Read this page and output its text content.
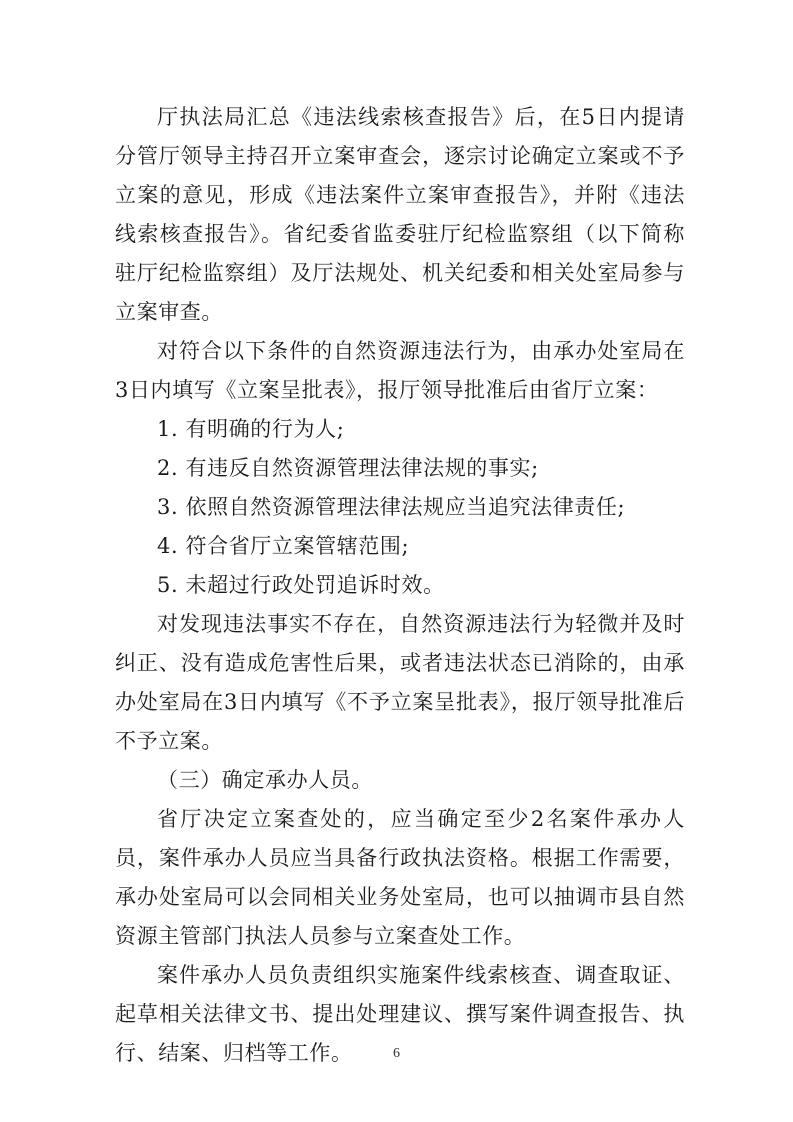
厅执法局汇总《违法线索核查报告》后，在5日内提请分管厅领导主持召开立案审查会，逐宗讨论确定立案或不予立案的意见，形成《违法案件立案审查报告》，并附《违法线索核查报告》。省纪委省监委驻厅纪检监察组（以下简称驻厅纪检监察组）及厅法规处、机关纪委和相关处室局参与立案审查。

对符合以下条件的自然资源违法行为，由承办处室局在3日内填写《立案呈批表》，报厅领导批准后由省厅立案：

1. 有明确的行为人;

2. 有违反自然资源管理法律法规的事实;

3. 依照自然资源管理法律法规应当追究法律责任;

4. 符合省厅立案管辖范围;

5. 未超过行政处罚追诉时效。

对发现违法事实不存在，自然资源违法行为轻微并及时纠正、没有造成危害性后果，或者违法状态已消除的，由承办处室局在3日内填写《不予立案呈批表》，报厅领导批准后不予立案。

（三）确定承办人员。

省厅决定立案查处的，应当确定至少2名案件承办人员，案件承办人员应当具备行政执法资格。根据工作需要，承办处室局可以会同相关业务处室局，也可以抽调市县自然资源主管部门执法人员参与立案查处工作。

案件承办人员负责组织实施案件线索核查、调查取证、起草相关法律文书、提出处理建议、撰写案件调查报告、执行、结案、归档等工作。	6
